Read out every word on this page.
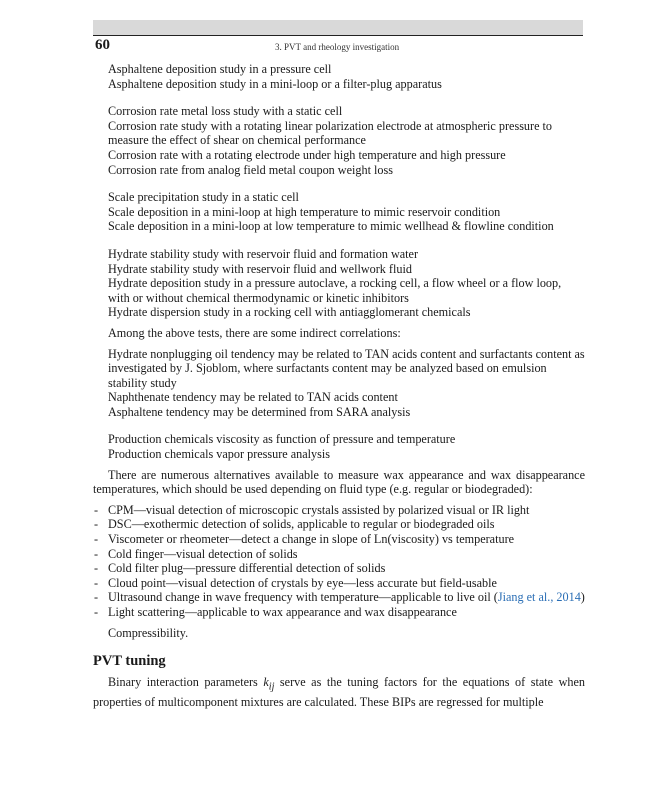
60	3. PVT and rheology investigation

Asphaltene deposition study in a pressure cell

Asphaltene deposition study in a mini-loop or a filter-plug apparatus

Corrosion rate metal loss study with a static cell

Corrosion rate study with a rotating linear polarization electrode at atmospheric pressure to measure the effect of shear on chemical performance

Corrosion rate with a rotating electrode under high temperature and high pressure

Corrosion rate from analog field metal coupon weight loss

Scale precipitation study in a static cell

Scale deposition in a mini-loop at high temperature to mimic reservoir condition

Scale deposition in a mini-loop at low temperature to mimic wellhead & flowline condition

Hydrate stability study with reservoir fluid and formation water

Hydrate stability study with reservoir fluid and wellwork fluid

Hydrate deposition study in a pressure autoclave, a rocking cell, a flow wheel or a flow loop, with or without chemical thermodynamic or kinetic inhibitors

Hydrate dispersion study in a rocking cell with antiagglomerant chemicals

Among the above tests, there are some indirect correlations:

Hydrate nonplugging oil tendency may be related to TAN acids content and surfactants content as investigated by J. Sjoblom, where surfactants content may be analyzed based on emulsion stability study

Naphthenate tendency may be related to TAN acids content

Asphaltene tendency may be determined from SARA analysis

Production chemicals viscosity as function of pressure and temperature

Production chemicals vapor pressure analysis

There are numerous alternatives available to measure wax appearance and wax disappearance temperatures, which should be used depending on fluid type (e.g. regular or biodegraded):

- CPM—visual detection of microscopic crystals assisted by polarized visual or IR light
- DSC—exothermic detection of solids, applicable to regular or biodegraded oils
- Viscometer or rheometer—detect a change in slope of Ln(viscosity) vs temperature
- Cold finger—visual detection of solids
- Cold filter plug—pressure differential detection of solids
- Cloud point—visual detection of crystals by eye—less accurate but field-usable
- Ultrasound change in wave frequency with temperature—applicable to live oil (Jiang et al., 2014)
- Light scattering—applicable to wax appearance and wax disappearance

Compressibility.

PVT tuning

Binary interaction parameters $k_{ij}$ serve as the tuning factors for the equations of state when properties of multicomponent mixtures are calculated. These BIPs are regressed for multiple
